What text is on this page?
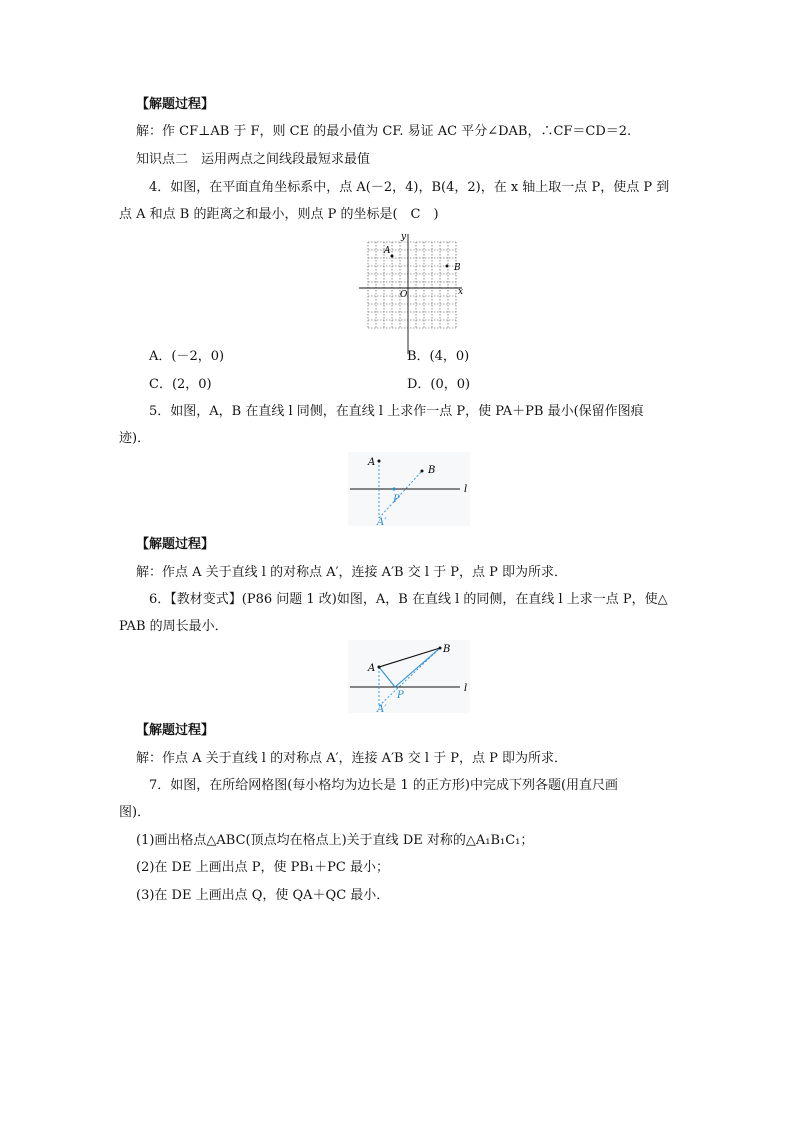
【解题过程】
解：作 CF⊥AB 于 F，则 CE 的最小值为 CF. 易证 AC 平分∠DAB，∴CF＝CD＝2.
知识点二　运用两点之间线段最短求最值
4．如图，在平面直角坐标系中，点 A(－2，4)，B(4，2)，在 x 轴上取一点 P，使点 P 到
点 A 和点 B 的距离之和最小，则点 P 的坐标是(　C　)
y
x
O
A
B
A．(－2，0)	B．(4，0)
C．(2，0)	D．(0，0)
5．如图，A，B 在直线 l 同侧，在直线 l 上求作一点 P，使 PA＋PB 最小(保留作图痕
迹)．
A
B
P
A′
l
【解题过程】
解：作点 A 关于直线 l 的对称点 A′，连接 A′B 交 l 于 P，点 P 即为所求．
6．【教材变式】(P86 问题 1 改)如图，A，B 在直线 l 的同侧，在直线 l 上求一点 P，使△
PAB 的周长最小．
A
B
P
A′
l
【解题过程】
解：作点 A 关于直线 l 的对称点 A′，连接 A′B 交 l 于 P，点 P 即为所求．
7．如图，在所给网格图(每小格均为边长是 1 的正方形)中完成下列各题(用直尺画
图)．
(1)画出格点△ABC(顶点均在格点上)关于直线 DE 对称的△A₁B₁C₁；
(2)在 DE 上画出点 P，使 PB₁＋PC 最小；
(3)在 DE 上画出点 Q，使 QA＋QC 最小．
